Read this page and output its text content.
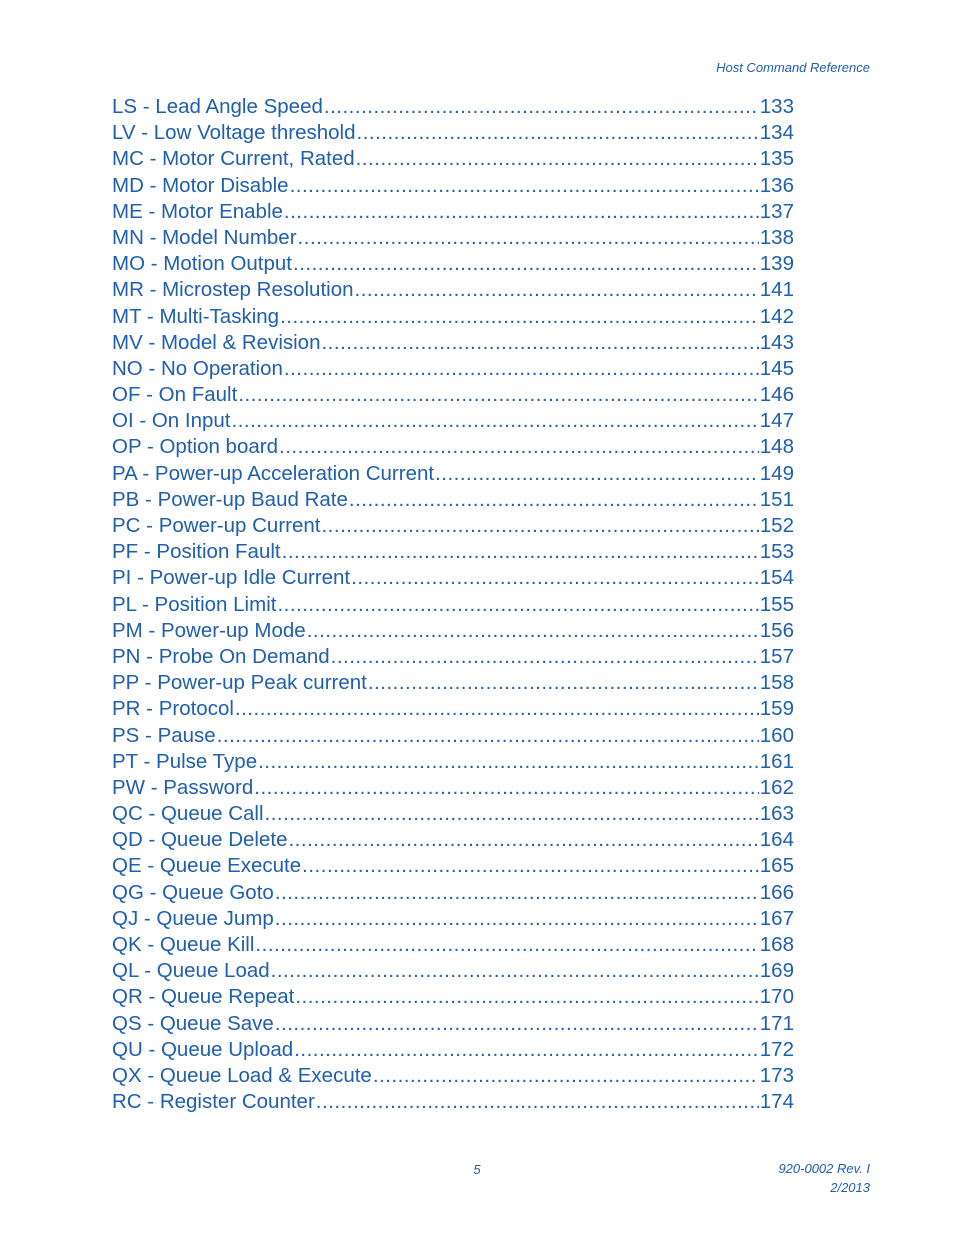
Host Command Reference
LS - Lead Angle Speed .....	133
LV - Low Voltage threshold .....	134
MC - Motor Current, Rated .....	135
MD - Motor Disable .....	136
ME - Motor Enable .....	137
MN - Model Number .....	138
MO - Motion Output .....	139
MR - Microstep Resolution .....	141
MT - Multi-Tasking .....	142
MV - Model & Revision .....	143
NO - No Operation .....	145
OF - On Fault .....	146
OI - On Input .....	147
OP - Option board .....	148
PA - Power-up Acceleration Current .....	149
PB - Power-up Baud Rate .....	151
PC - Power-up Current .....	152
PF - Position Fault .....	153
PI - Power-up Idle Current .....	154
PL - Position Limit .....	155
PM - Power-up Mode .....	156
PN - Probe On Demand .....	157
PP - Power-up Peak current .....	158
PR - Protocol .....	159
PS - Pause .....	160
PT - Pulse Type .....	161
PW - Password .....	162
QC - Queue Call .....	163
QD - Queue Delete .....	164
QE - Queue Execute .....	165
QG - Queue Goto .....	166
QJ - Queue Jump .....	167
QK - Queue Kill .....	168
QL - Queue Load .....	169
QR - Queue Repeat .....	170
QS - Queue Save .....	171
QU - Queue Upload .....	172
QX - Queue Load & Execute .....	173
RC - Register Counter .....	174
5	920-0002 Rev. I
2/2013
